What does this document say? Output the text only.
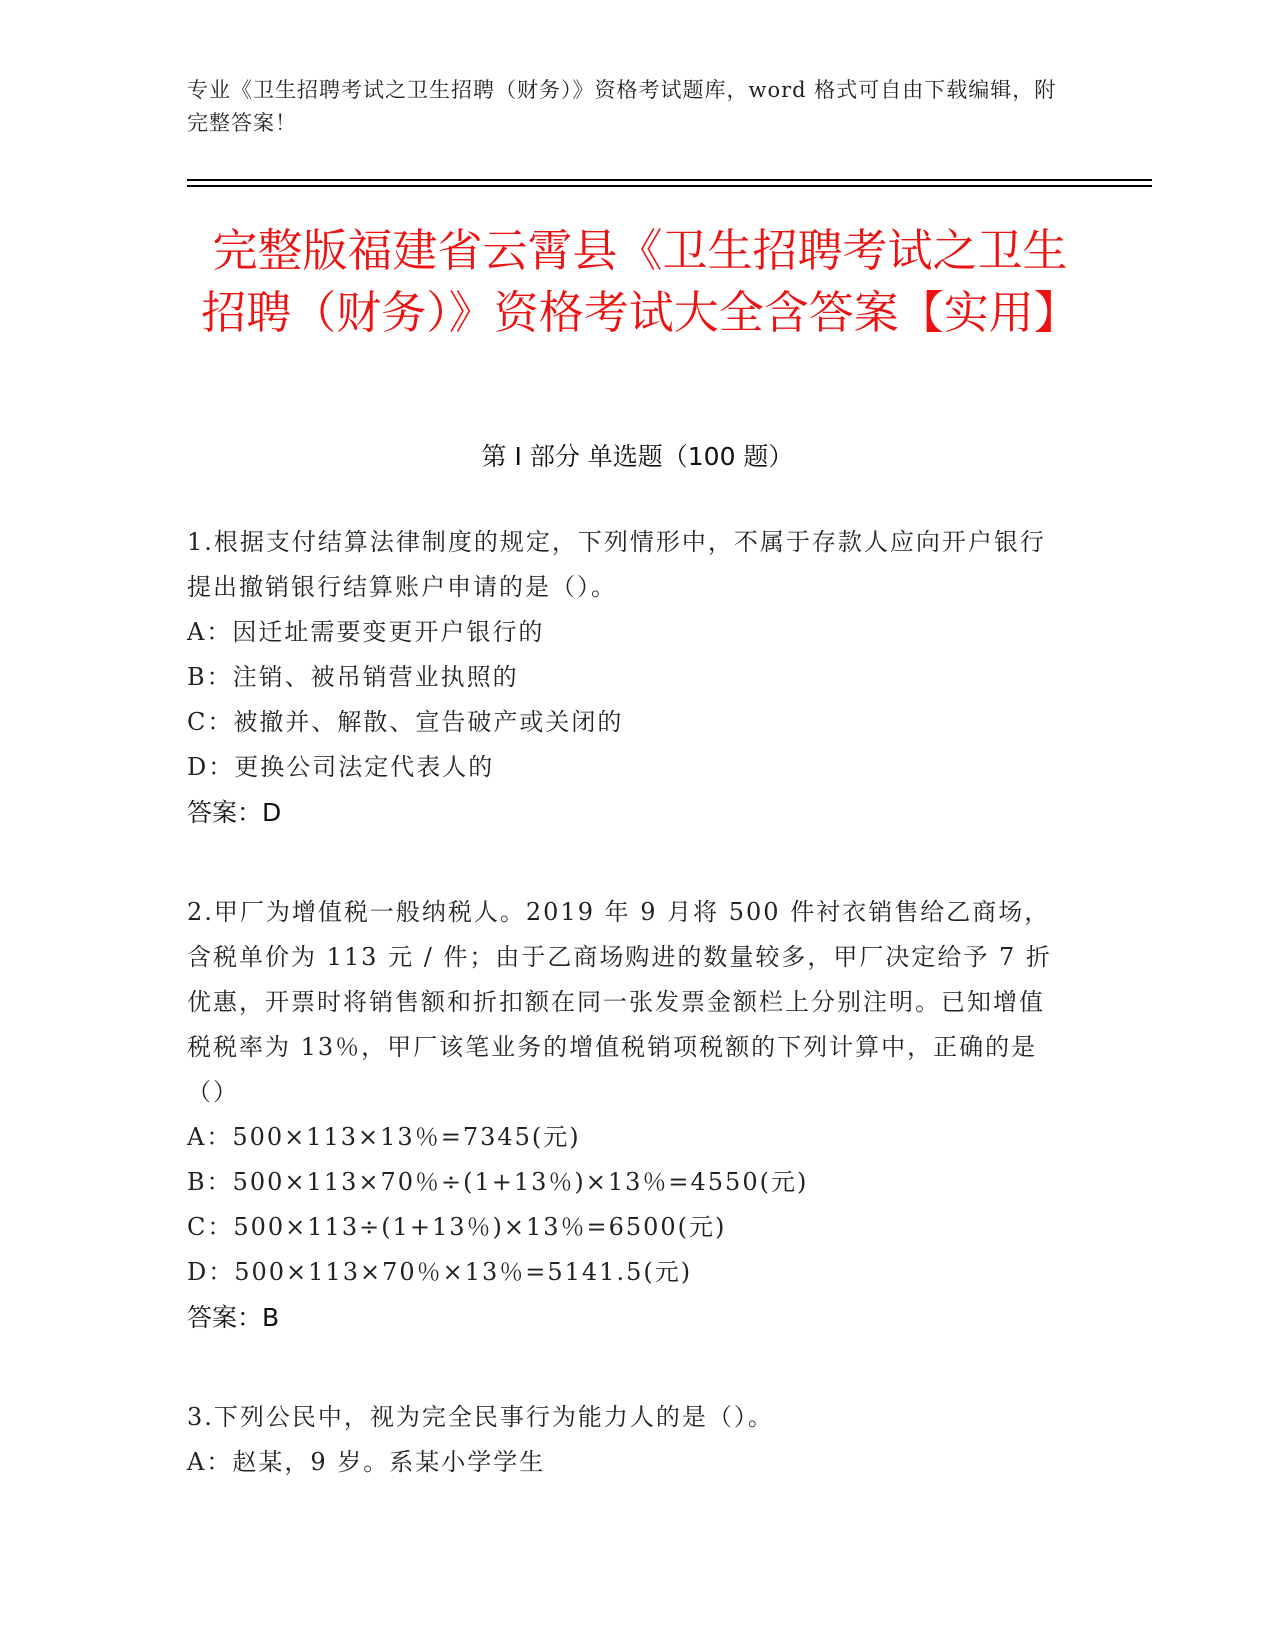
专业《卫生招聘考试之卫生招聘（财务）》资格考试题库，word 格式可自由下载编辑，附完整答案！
完整版福建省云霄县《卫生招聘考试之卫生招聘（财务）》资格考试大全含答案【实用】
第 I 部分 单选题（100 题）

1.根据支付结算法律制度的规定，下列情形中，不属于存款人应向开户银行提出撤销银行结算账户申请的是（）。

A：因迁址需要变更开户银行的

B：注销、被吊销营业执照的

C：被撤并、解散、宣告破产或关闭的

D：更换公司法定代表人的

答案：D

2.甲厂为增值税一般纳税人。2019 年 9 月将 500 件衬衣销售给乙商场，含税单价为 113 元 / 件；由于乙商场购进的数量较多，甲厂决定给予 7 折优惠，开票时将销售额和折扣额在同一张发票金额栏上分别注明。已知增值税税率为 13％，甲厂该笔业务的增值税销项税额的下列计算中，正确的是（）

A：500×113×13％=7345(元)

B：500×113×70％÷(1+13％)×13％=4550(元)

C：500×113÷(1+13％)×13％=6500(元)

D：500×113×70％×13％=5141.5(元)

答案：B

3.下列公民中，视为完全民事行为能力人的是（）。

A：赵某，9 岁。系某小学学生
